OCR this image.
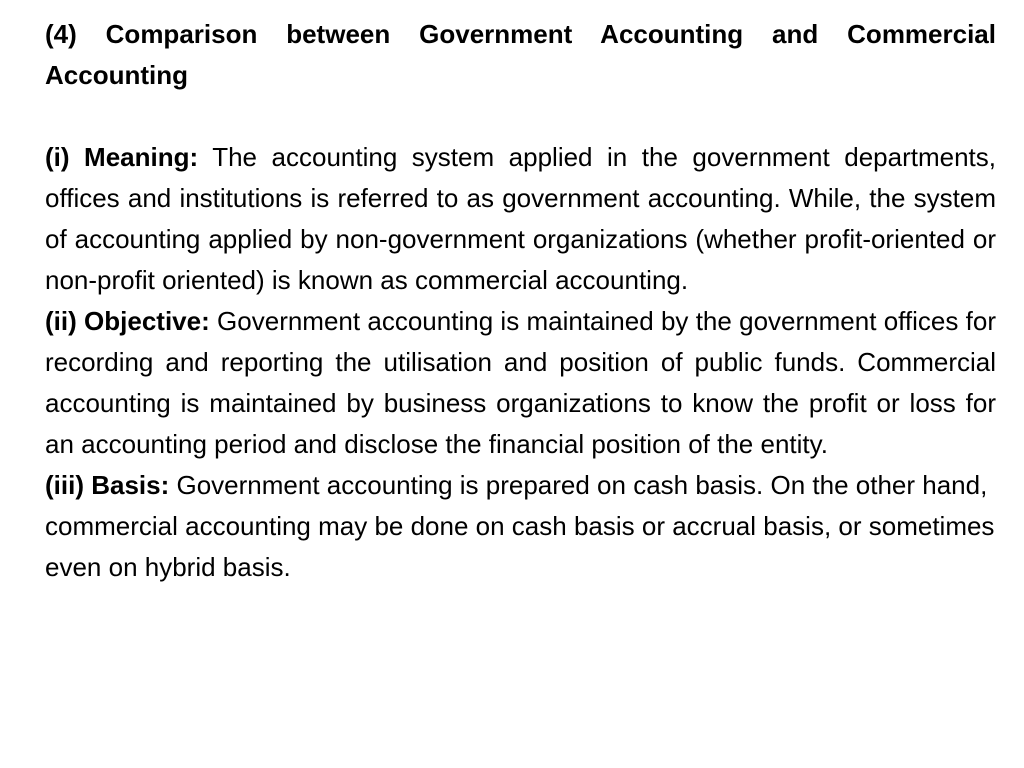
(4) Comparison between Government Accounting and Commercial Accounting

(i) Meaning: The accounting system applied in the government departments, offices and institutions is referred to as government accounting. While, the system of accounting applied by non-government organizations (whether profit-oriented or non-profit oriented) is known as commercial accounting.

(ii) Objective: Government accounting is maintained by the government offices for recording and reporting the utilisation and position of public funds. Commercial accounting is maintained by business organizations to know the profit or loss for an accounting period and disclose the financial position of the entity.

(iii) Basis: Government accounting is prepared on cash basis. On the other hand, commercial accounting may be done on cash basis or accrual basis, or sometimes even on hybrid basis.
